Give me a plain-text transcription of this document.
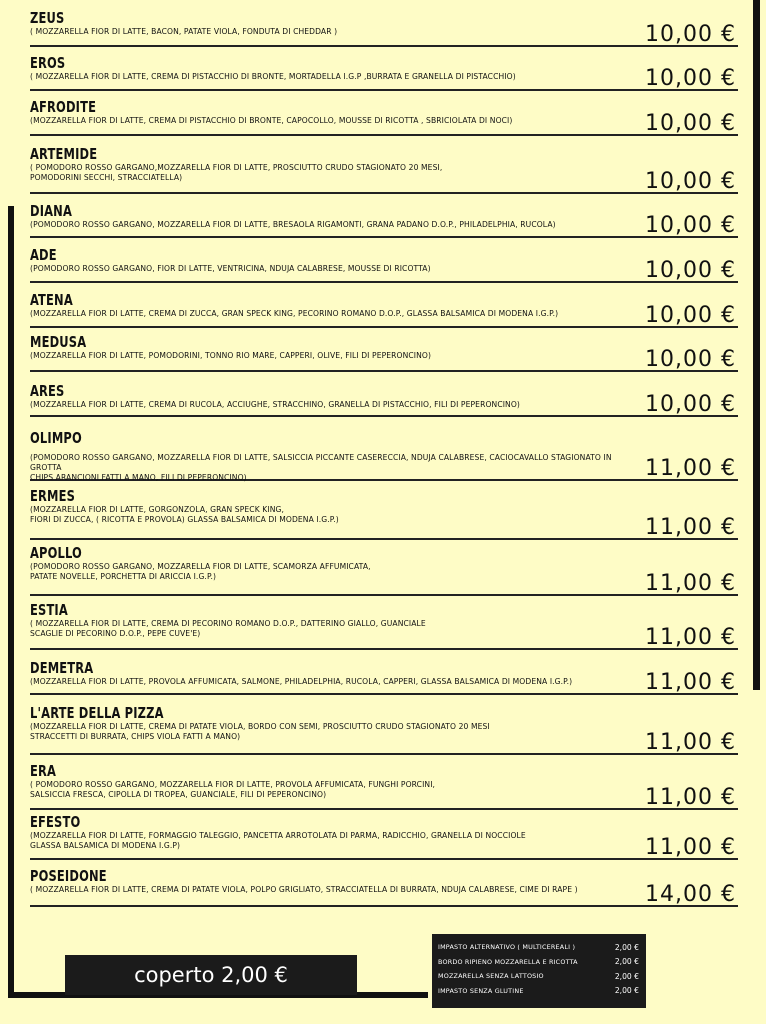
ZEUS
( MOZZARELLA FIOR DI LATTE, BACON, PATATE VIOLA, FONDUTA DI CHEDDAR )	10,00 €
EROS
( MOZZARELLA FIOR DI LATTE, CREMA DI PISTACCHIO DI BRONTE, MORTADELLA I.G.P ,BURRATA E GRANELLA DI PISTACCHIO)	10,00 €
AFRODITE
(MOZZARELLA FIOR DI LATTE, CREMA DI PISTACCHIO DI BRONTE, CAPOCOLLO, MOUSSE DI RICOTTA , SBRICIOLATA DI NOCI)	10,00 €
ARTEMIDE
( POMODORO ROSSO GARGANO,MOZZARELLA FIOR DI LATTE, PROSCIUTTO CRUDO STAGIONATO 20 MESI,
POMODORINI SECCHI, STRACCIATELLA)	10,00 €
DIANA
(POMODORO ROSSO GARGANO, MOZZARELLA FIOR DI LATTE, BRESAOLA RIGAMONTI, GRANA PADANO D.O.P., PHILADELPHIA, RUCOLA)	10,00 €
ADE
(POMODORO ROSSO GARGANO, FIOR DI LATTE, VENTRICINA, NDUJA CALABRESE, MOUSSE DI RICOTTA)	10,00 €
ATENA
(MOZZARELLA FIOR DI LATTE, CREMA DI ZUCCA, GRAN SPECK KING, PECORINO ROMANO D.O.P., GLASSA BALSAMICA DI MODENA I.G.P.)	10,00 €
MEDUSA
(MOZZARELLA FIOR DI LATTE, POMODORINI, TONNO RIO MARE, CAPPERI, OLIVE, FILI DI PEPERONCINO)	10,00 €
ARES
(MOZZARELLA FIOR DI LATTE, CREMA DI RUCOLA, ACCIUGHE, STRACCHINO, GRANELLA DI PISTACCHIO, FILI DI PEPERONCINO)	10,00 €
OLIMPO
(POMODORO ROSSO GARGANO, MOZZARELLA FIOR DI LATTE, SALSICCIA PICCANTE CASERECCIA, NDUJA CALABRESE, CACIOCAVALLO STAGIONATO IN GROTTA
CHIPS ARANCIONI FATTI A MANO, FILI DI PEPERONCINO)	11,00 €
ERMES
(MOZZARELLA FIOR DI LATTE, GORGONZOLA, GRAN SPECK KING,
FIORI DI ZUCCA, ( RICOTTA E PROVOLA) GLASSA BALSAMICA DI MODENA I.G.P.)	11,00 €
APOLLO
(POMODORO ROSSO GARGANO, MOZZARELLA FIOR DI LATTE, SCAMORZA AFFUMICATA,
PATATE NOVELLE, PORCHETTA DI ARICCIA I.G.P.)	11,00 €
ESTIA
( MOZZARELLA FIOR DI LATTE, CREMA DI PECORINO ROMANO D.O.P., DATTERINO GIALLO, GUANCIALE
SCAGLIE DI PECORINO D.O.P., PEPE CUVE'E)	11,00 €
DEMETRA
(MOZZARELLA FIOR DI LATTE, PROVOLA AFFUMICATA, SALMONE, PHILADELPHIA, RUCOLA, CAPPERI, GLASSA BALSAMICA DI MODENA I.G.P.)	11,00 €
L'ARTE DELLA PIZZA
(MOZZARELLA FIOR DI LATTE, CREMA DI PATATE VIOLA, BORDO CON SEMI, PROSCIUTTO CRUDO STAGIONATO 20 MESI
STRACCETTI DI BURRATA, CHIPS VIOLA FATTI A MANO)	11,00 €
ERA
( POMODORO ROSSO GARGANO, MOZZARELLA FIOR DI LATTE, PROVOLA AFFUMICATA, FUNGHI PORCINI,
SALSICCIA FRESCA, CIPOLLA DI TROPEA, GUANCIALE, FILI DI PEPERONCINO)	11,00 €
EFESTO
(MOZZARELLA FIOR DI LATTE, FORMAGGIO TALEGGIO, PANCETTA ARROTOLATA DI PARMA, RADICCHIO, GRANELLA DI NOCCIOLE
GLASSA BALSAMICA DI MODENA I.G.P)	11,00 €
POSEIDONE
( MOZZARELLA FIOR DI LATTE, CREMA DI PATATE VIOLA, POLPO GRIGLIATO, STRACCIATELLA DI BURRATA, NDUJA CALABRESE, CIME DI RAPE )	14,00 €
coperto 2,00 €
IMPASTO ALTERNATIVO ( MULTICEREALI )	2,00 €
BORDO RIPIENO MOZZARELLA E RICOTTA	2,00 €
MOZZARELLA SENZA LATTOSIO	2,00 €
IMPASTO SENZA GLUTINE	2,00 €
